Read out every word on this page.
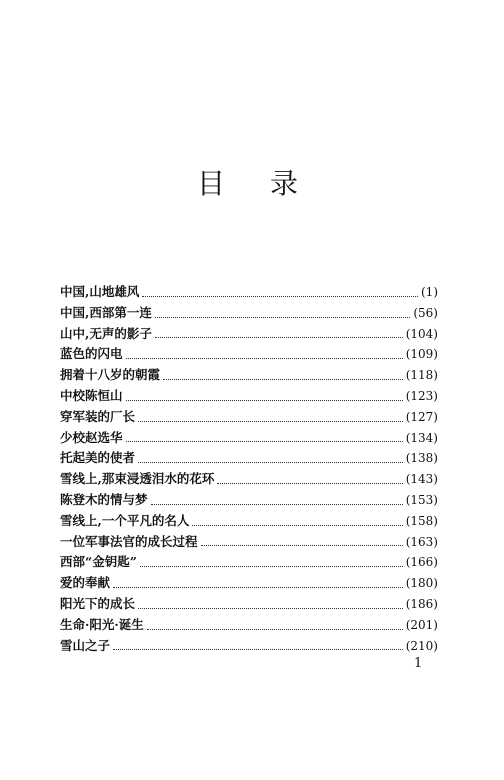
目 录
中国,山地雄风	(1)
中国,西部第一连	(56)
山中,无声的影子	(104)
蓝色的闪电	(109)
拥着十八岁的朝霞	(118)
中校陈恒山	(123)
穿军装的厂长	(127)
少校赵选华	(134)
托起美的使者	(138)
雪线上,那束浸透泪水的花环	(143)
陈登木的情与梦	(153)
雪线上,一个平凡的名人	(158)
一位军事法官的成长过程	(163)
西部“金钥匙”	(166)
爱的奉献	(180)
阳光下的成长	(186)
生命·阳光·诞生	(201)
雪山之子	(210)
1
